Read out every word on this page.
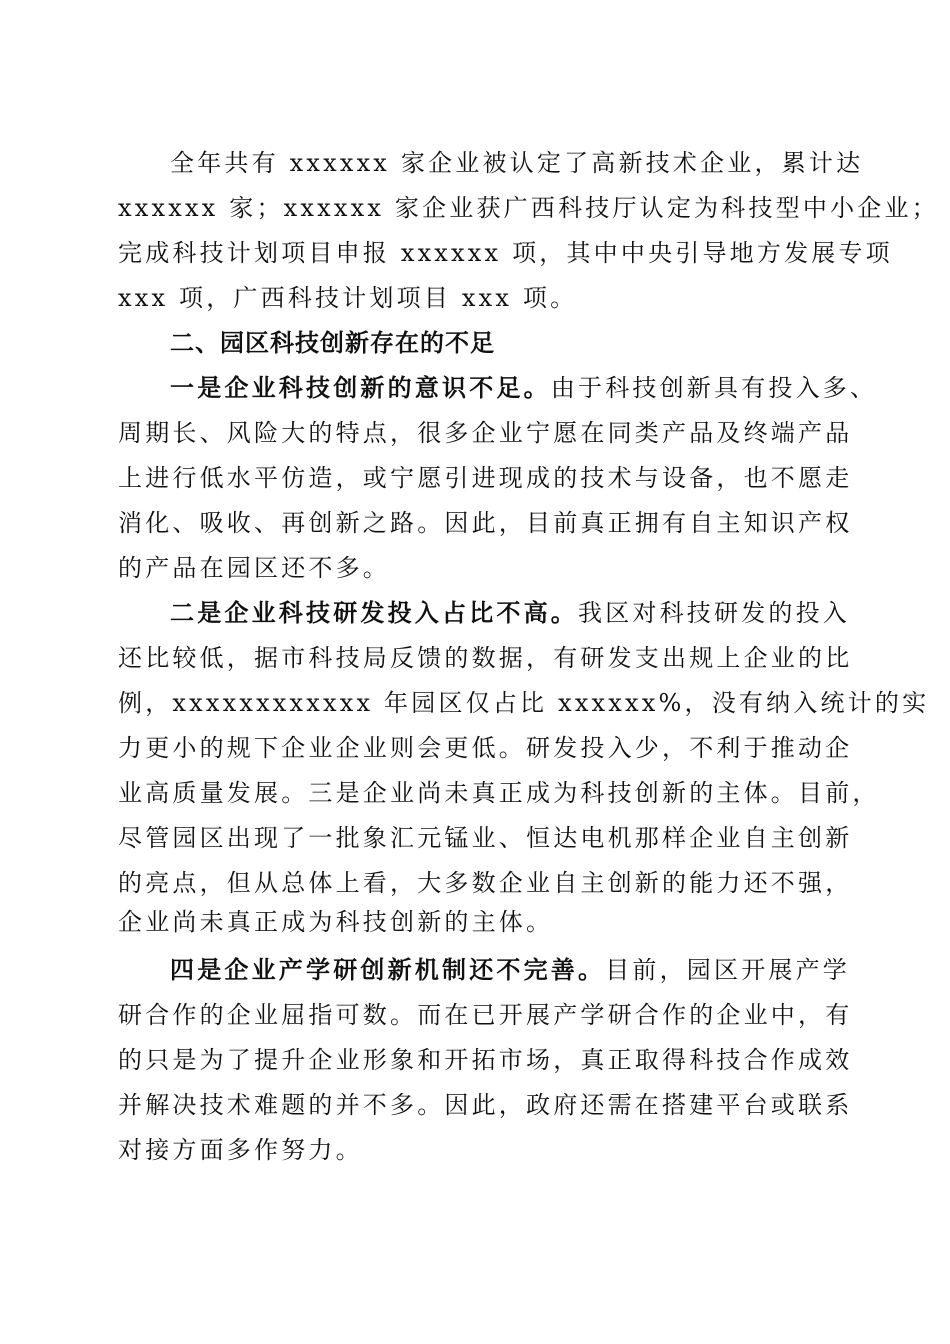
全年共有 xxxxxx 家企业被认定了高新技术企业，累计达
xxxxxx 家；xxxxxx 家企业获广西科技厅认定为科技型中小企业；
完成科技计划项目申报 xxxxxx 项，其中中央引导地方发展专项
xxx 项，广西科技计划项目 xxx 项。
二、园区科技创新存在的不足
一是企业科技创新的意识不足。由于科技创新具有投入多、
周期长、风险大的特点，很多企业宁愿在同类产品及终端产品
上进行低水平仿造，或宁愿引进现成的技术与设备，也不愿走
消化、吸收、再创新之路。因此，目前真正拥有自主知识产权
的产品在园区还不多。
二是企业科技研发投入占比不高。我区对科技研发的投入
还比较低，据市科技局反馈的数据，有研发支出规上企业的比
例，xxxxxxxxxxxx 年园区仅占比 xxxxxx%，没有纳入统计的实
力更小的规下企业企业则会更低。研发投入少，不利于推动企
业高质量发展。三是企业尚未真正成为科技创新的主体。目前，
尽管园区出现了一批象汇元锰业、恒达电机那样企业自主创新
的亮点，但从总体上看，大多数企业自主创新的能力还不强，
企业尚未真正成为科技创新的主体。
四是企业产学研创新机制还不完善。目前，园区开展产学
研合作的企业屈指可数。而在已开展产学研合作的企业中，有
的只是为了提升企业形象和开拓市场，真正取得科技合作成效
并解决技术难题的并不多。因此，政府还需在搭建平台或联系
对接方面多作努力。
